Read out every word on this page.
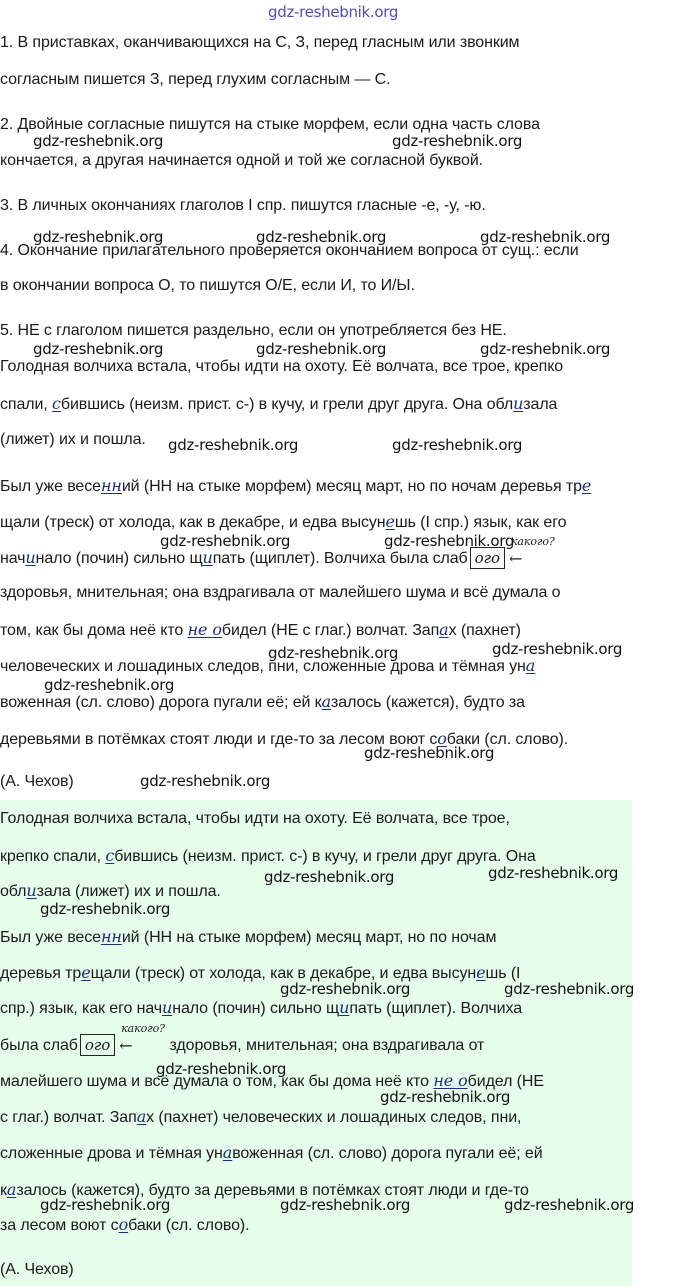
gdz-reshebnik.org
1. В приставках, оканчивающихся на С, З, перед гласным или звонким
согласным пишется З, перед глухим согласным — С.
2. Двойные согласные пишутся на стыке морфем, если одна часть слова
кончается, а другая начинается одной и той же согласной буквой.
3. В личных окончаниях глаголов I спр. пишутся гласные -е, -у, -ю.
4. Окончание прилагательного проверяется окончанием вопроса от сущ.: если
в окончании вопроса О, то пишутся О/Е, если И, то И/Ы.
5. НЕ с глаголом пишется раздельно, если он употребляется без НЕ.
Голодная волчиха встала, чтобы идти на охоту. Её волчата, все трое, крепко
спали, сбившись (неизм. прист. с-) в кучу, и грели друг друга. Она облизала
(лижет) их и пошла.
Был уже весенний (НН на стыке морфем) месяц март, но по ночам деревья тре
щали (треск) от холода, как в декабре, и едва высунешь (I спр.) язык, как его
начинало (почин) сильно щипать (щиплет). Волчиха была слаб ого
какого?
←
здоровья, мнительная; она вздрагивала от малейшего шума и всё думала о
том, как бы дома неё кто не обидел (НЕ с глаг.) волчат. Запах (пахнет)
человеческих и лошадиных следов, пни, сложенные дрова и тёмная уна
воженная (сл. слово) дорога пугали её; ей казалось (кажется), будто за
деревьями в потёмках стоят люди и где-то за лесом воют собаки (сл. слово).
(А. Чехов)
Голодная волчиха встала, чтобы идти на охоту. Её волчата, все трое,
крепко спали, сбившись (неизм. прист. с-) в кучу, и грели друг друга. Она
облизала (лижет) их и пошла.
Был уже весенний (НН на стыке морфем) месяц март, но по ночам
деревья трещали (треск) от холода, как в декабре, и едва высунешь (I
спр.) язык, как его начинало (почин) сильно щипать (щиплет). Волчиха
была слаб ого
какого?
← здоровья, мнительная; она вздрагивала от
малейшего шума и всё думала о том, как бы дома неё кто не обидел (НЕ
с глаг.) волчат. Запах (пахнет) человеческих и лошадиных следов, пни,
сложенные дрова и тёмная унавоженная (сл. слово) дорога пугали её; ей
казалось (кажется), будто за деревьями в потёмках стоят люди и где-то
за лесом воют собаки (сл. слово).
(А. Чехов)
gdz-reshebnik.org	gdz-reshebnik.org
gdz-reshebnik.org	gdz-reshebnik.org	gdz-reshebnik.org
gdz-reshebnik.org	gdz-reshebnik.org	gdz-reshebnik.org
gdz-reshebnik.org	gdz-reshebnik.org
gdz-reshebnik.org	gdz-reshebnik.org
gdz-reshebnik.org	gdz-reshebnik.org
gdz-reshebnik.org
gdz-reshebnik.org
gdz-reshebnik.org
gdz-reshebnik.org	gdz-reshebnik.org
gdz-reshebnik.org
gdz-reshebnik.org	gdz-reshebnik.org
gdz-reshebnik.org
gdz-reshebnik.org
gdz-reshebnik.org	gdz-reshebnik.org	gdz-reshebnik.org
